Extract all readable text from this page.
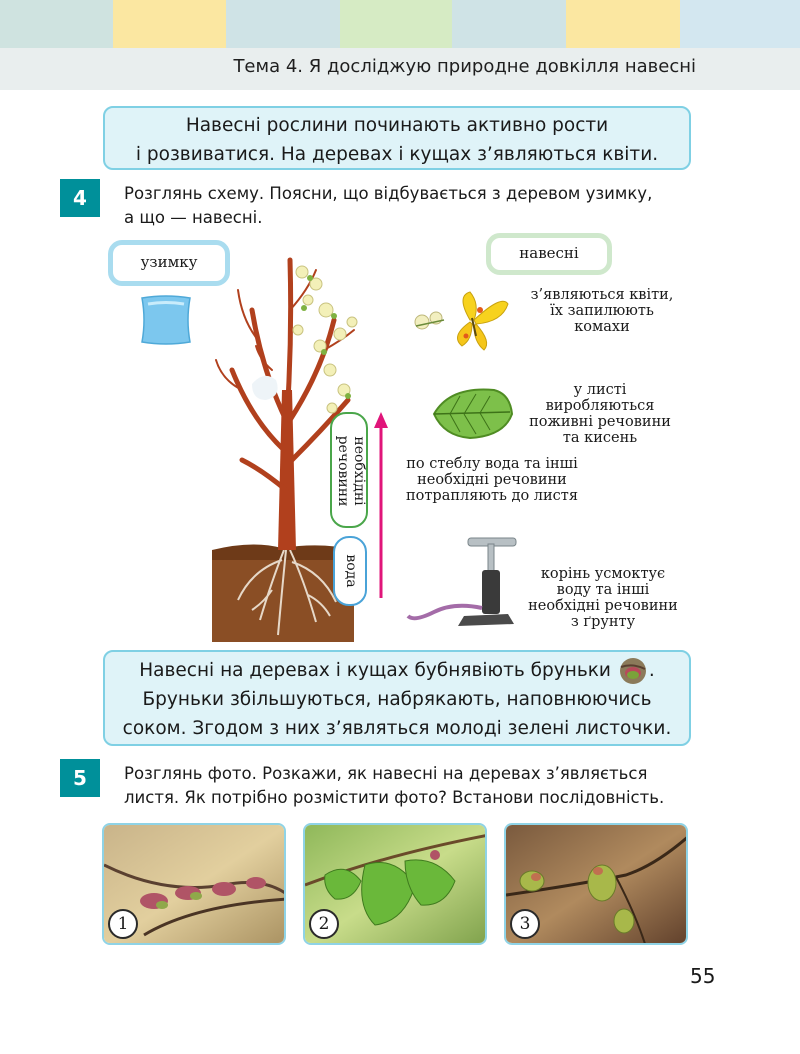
Тема 4. Я досліджую природне довкілля навесні
Навесні рослини починають активно рости
і розвиватися. На деревах і кущах з’являються квіти.
4	Розглянь схему. Поясни, що відбувається з деревом узимку,
а що — навесні.
узимку	навесні
необхідні
речовини
вода
з’являються квіти,
їх запилюють
комахи
у листі
виробляються
поживні речовини
та кисень
по стеблу вода та інші
необхідні речовини
потрапляють до листя
корінь усмоктує
воду та інші
необхідні речовини
з ґрунту
Навесні на деревах і кущах бубнявіють бруньки .
Бруньки збільшуються, набрякають, наповнюючись
соком. Згодом з них з’являться молоді зелені листочки.
5	Розглянь фото. Розкажи, як навесні на деревах з’являється
листя. Як потрібно розмістити фото? Встанови послідовність.
1	2	3
55
